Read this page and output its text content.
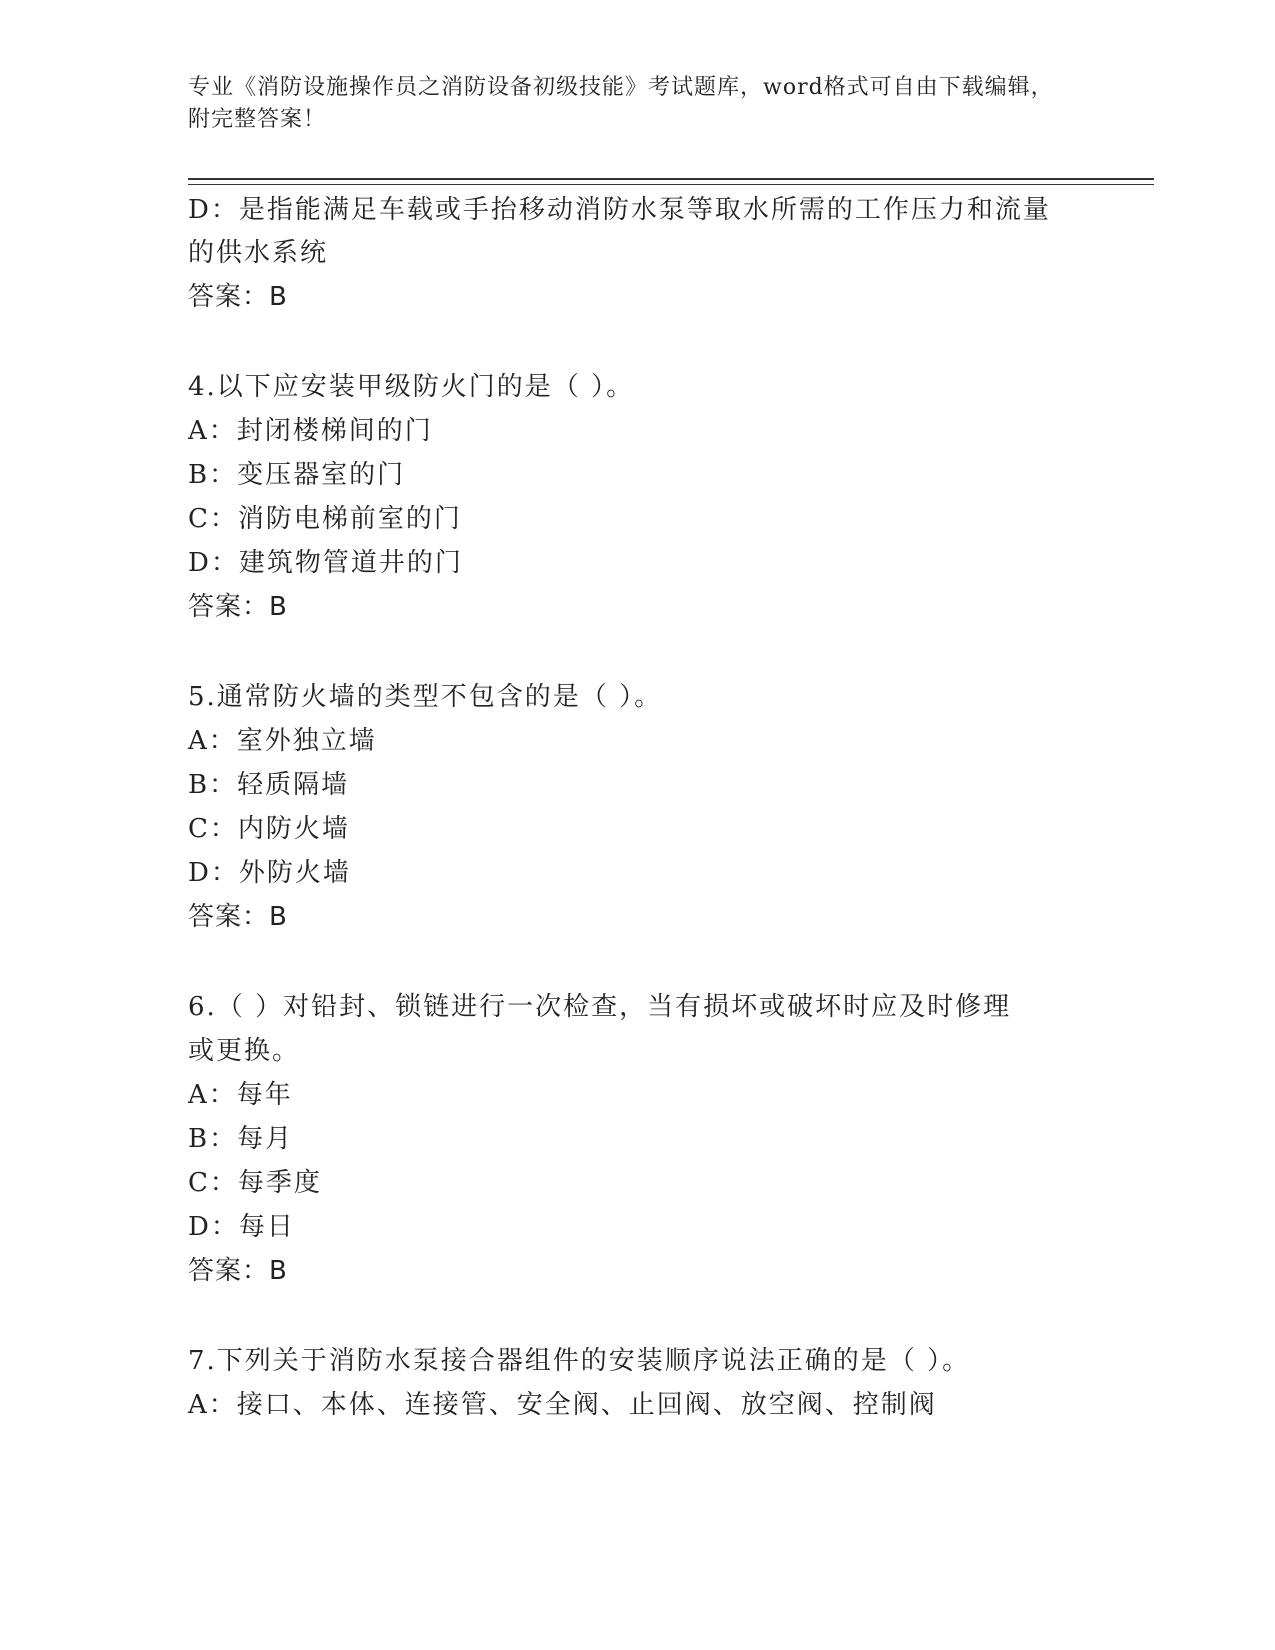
专业《消防设施操作员之消防设备初级技能》考试题库，word格式可自由下载编辑，附完整答案！
D：是指能满足车载或手抬移动消防水泵等取水所需的工作压力和流量
的供水系统
答案：B
4.以下应安装甲级防火门的是（ ）。
A：封闭楼梯间的门
B：变压器室的门
C：消防电梯前室的门
D：建筑物管道井的门
答案：B
5.通常防火墙的类型不包含的是（ ）。
A：室外独立墙
B：轻质隔墙
C：内防火墙
D：外防火墙
答案：B
6.（ ）对铅封、锁链进行一次检查，当有损坏或破坏时应及时修理
或更换。
A：每年
B：每月
C：每季度
D：每日
答案：B
7.下列关于消防水泵接合器组件的安装顺序说法正确的是（ ）。
A：接口、本体、连接管、安全阀、止回阀、放空阀、控制阀
